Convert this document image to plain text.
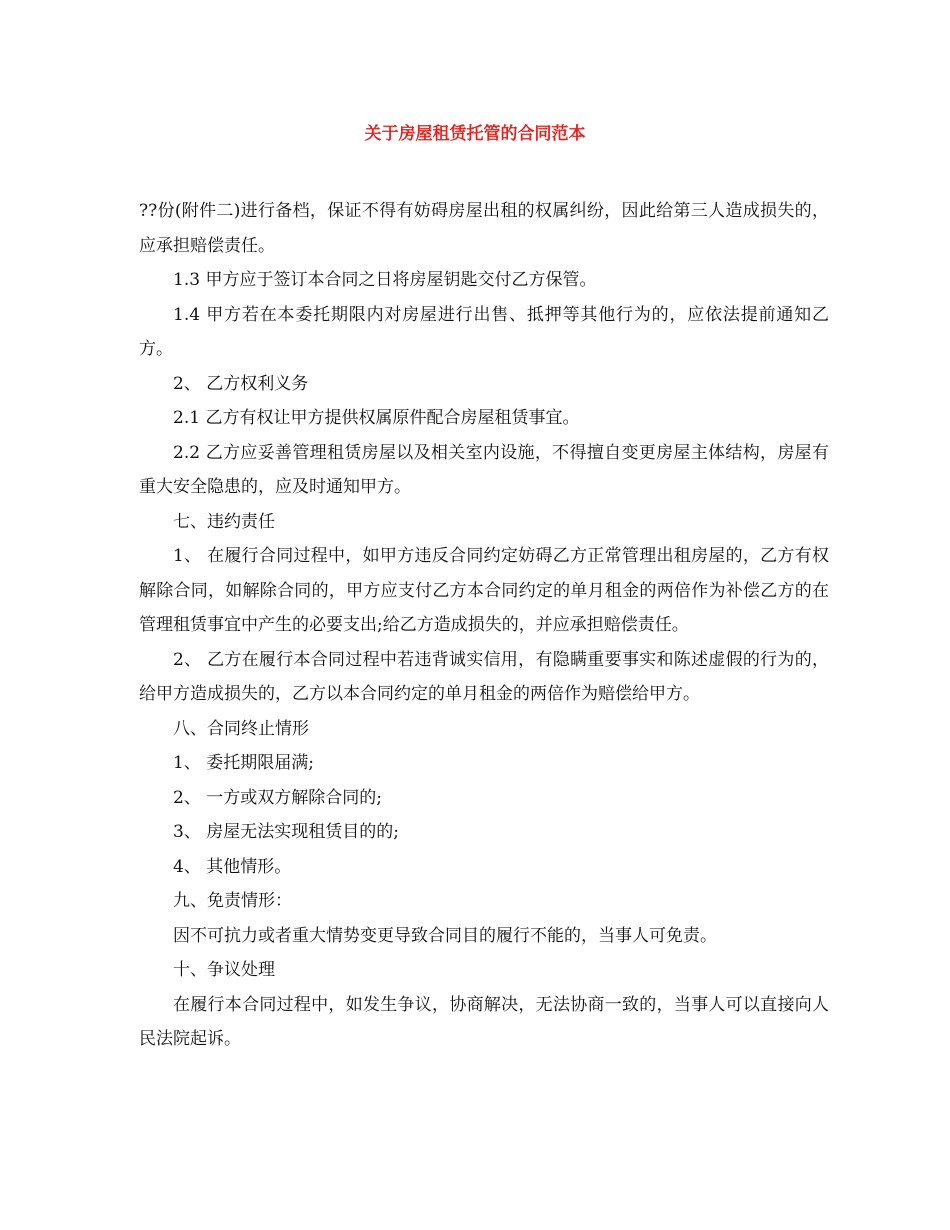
关于房屋租赁托管的合同范本

??份(附件二)进行备档，保证不得有妨碍房屋出租的权属纠纷，因此给第三人造成损失的，应承担赔偿责任。

1.3 甲方应于签订本合同之日将房屋钥匙交付乙方保管。

1.4 甲方若在本委托期限内对房屋进行出售、抵押等其他行为的，应依法提前通知乙方。

2、 乙方权利义务

2.1 乙方有权让甲方提供权属原件配合房屋租赁事宜。

2.2 乙方应妥善管理租赁房屋以及相关室内设施，不得擅自变更房屋主体结构，房屋有重大安全隐患的，应及时通知甲方。

七、违约责任

1、 在履行合同过程中，如甲方违反合同约定妨碍乙方正常管理出租房屋的，乙方有权解除合同，如解除合同的，甲方应支付乙方本合同约定的单月租金的两倍作为补偿乙方的在管理租赁事宜中产生的必要支出;给乙方造成损失的，并应承担赔偿责任。

2、 乙方在履行本合同过程中若违背诚实信用，有隐瞒重要事实和陈述虚假的行为的，给甲方造成损失的，乙方以本合同约定的单月租金的两倍作为赔偿给甲方。

八、合同终止情形

1、 委托期限届满;

2、 一方或双方解除合同的;

3、 房屋无法实现租赁目的的;

4、 其他情形。

九、免责情形：

因不可抗力或者重大情势变更导致合同目的履行不能的，当事人可免责。

十、争议处理

在履行本合同过程中，如发生争议，协商解决，无法协商一致的，当事人可以直接向人民法院起诉。
